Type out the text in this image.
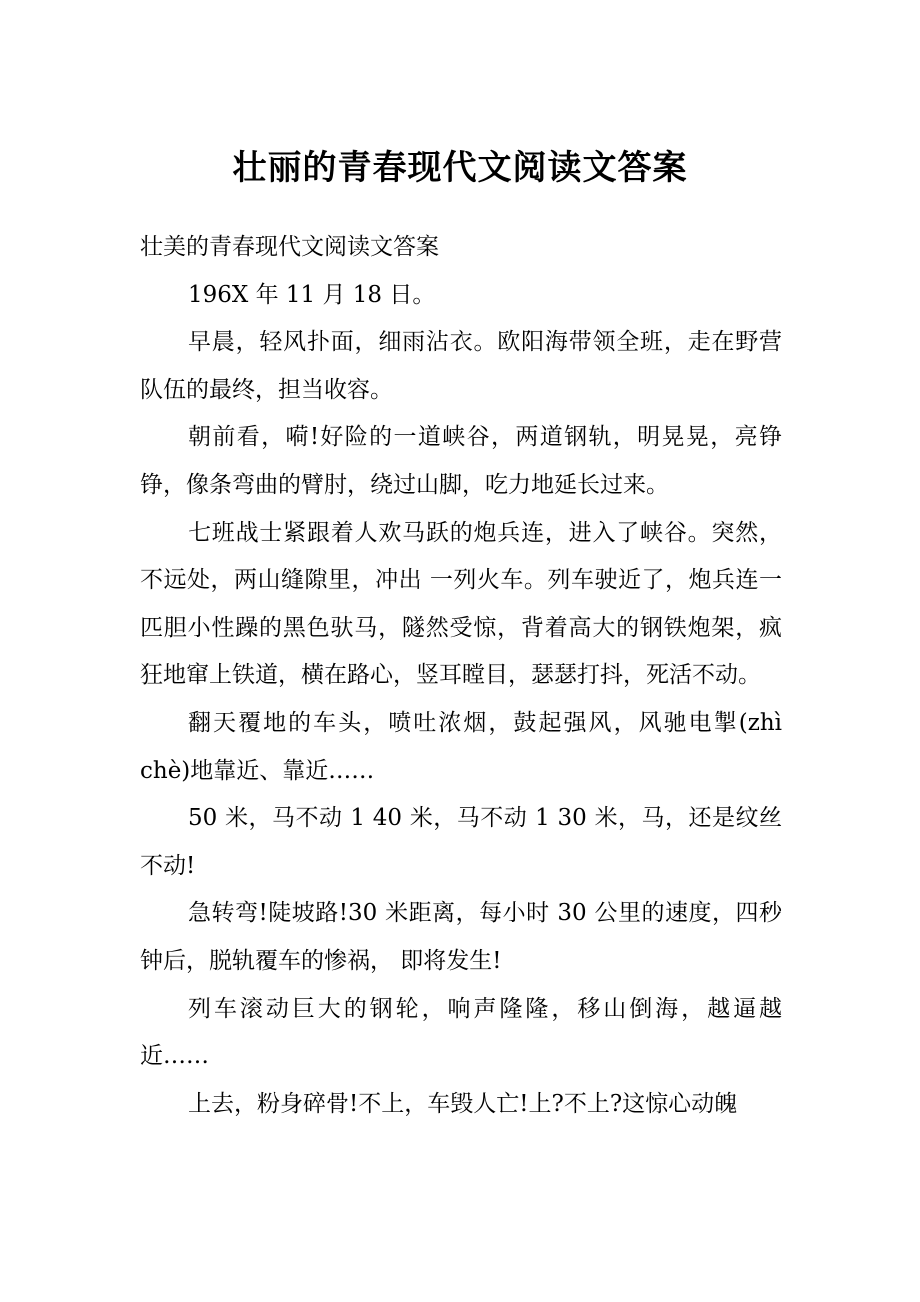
壮丽的青春现代文阅读文答案

壮美的青春现代文阅读文答案

196X 年 11 月 18 日。

早晨，轻风扑面，细雨沾衣。欧阳海带领全班，走在野营队伍的最终，担当收容。

朝前看，嗬!好险的一道峡谷，两道钢轨，明晃晃，亮铮铮，像条弯曲的臂肘，绕过山脚，吃力地延长过来。

七班战士紧跟着人欢马跃的炮兵连，进入了峡谷。突然，不远处，两山缝隙里，冲出 一列火车。列车驶近了，炮兵连一匹胆小性躁的黑色驮马，隧然受惊，背着高大的钢铁炮架，疯狂地窜上铁道，横在路心，竖耳瞠目，瑟瑟打抖，死活不动。

翻天覆地的车头，喷吐浓烟，鼓起强风，风驰电掣(zhì chè)地靠近、靠近……

50 米，马不动 1 40 米，马不动 1 30 米，马，还是纹丝不动!

急转弯!陡坡路!30 米距离，每小时 30 公里的速度，四秒钟后，脱轨覆车的惨祸， 即将发生!

列车滚动巨大的钢轮，响声隆隆，移山倒海，越逼越近……

上去，粉身碎骨!不上，车毁人亡!上?不上?这惊心动魄
